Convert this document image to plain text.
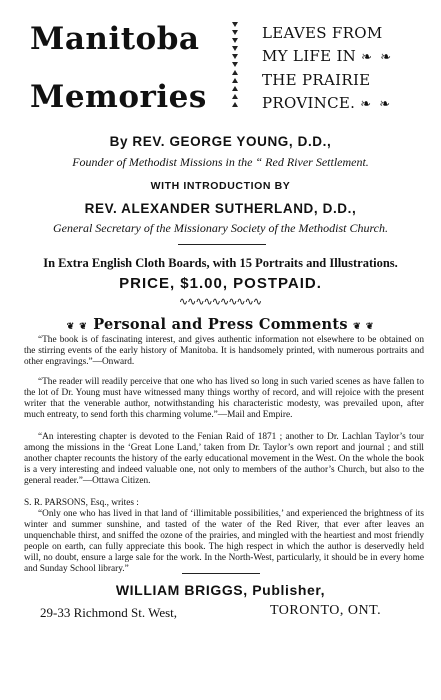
Manitoba
Memories
LEAVES FROM
MY LIFE IN ❧ ❧
THE PRAIRIE
PROVINCE. ❧ ❧
By REV. GEORGE YOUNG, D.D.,
Founder of Methodist Missions in the “ Red River Settlement.
WITH INTRODUCTION BY
REV. ALEXANDER SUTHERLAND, D.D.,
General Secretary of the Missionary Society of the Methodist Church.
In Extra English Cloth Boards, with 15 Portraits and Illustrations.
PRICE, $1.00, POSTPAID.
∿∿∿∿∿∿∿∿∿∿
❦ ❦ Personal and Press Comments ❦ ❦
“The book is of fascinating interest, and gives authentic information not elsewhere to be obtained on the stirring events of the early history of Manitoba. It is handsomely printed, with numerous portraits and other engravings.”—Onward.
“The reader will readily perceive that one who has lived so long in such varied scenes as have fallen to the lot of Dr. Young must have witnessed many things worthy of record, and will rejoice with the present writer that the venerable author, notwithstanding his characteristic modesty, was prevailed upon, after much entreaty, to send forth this charming volume.”—Mail and Empire.
“An interesting chapter is devoted to the Fenian Raid of 1871 ; another to Dr. Lachlan Taylor’s tour among the missions in the ‘Great Lone Land,’ taken from Dr. Taylor’s own report and journal ; and still another chapter recounts the history of the early educational movement in the West. On the whole the book is a very interesting and indeed valuable one, not only to members of the author’s Church, but also to the general reader.”—Ottawa Citizen.
S. R. PARSONS, Esq., writes :
“Only one who has lived in that land of ‘illimitable possibilities,’ and experienced the brightness of its winter and summer sunshine, and tasted of the water of the Red River, that ever after leaves an unquenchable thirst, and sniffed the ozone of the prairies, and mingled with the heartiest and most friendly people on earth, can fully appreciate this book. The high respect in which the author is deservedly held will, no doubt, ensure a large sale for the work. In the North-West, particularly, it should be in every home and Sunday School library.”
WILLIAM BRIGGS, Publisher,
29-33 Richmond St. West,	TORONTO, ONT.
